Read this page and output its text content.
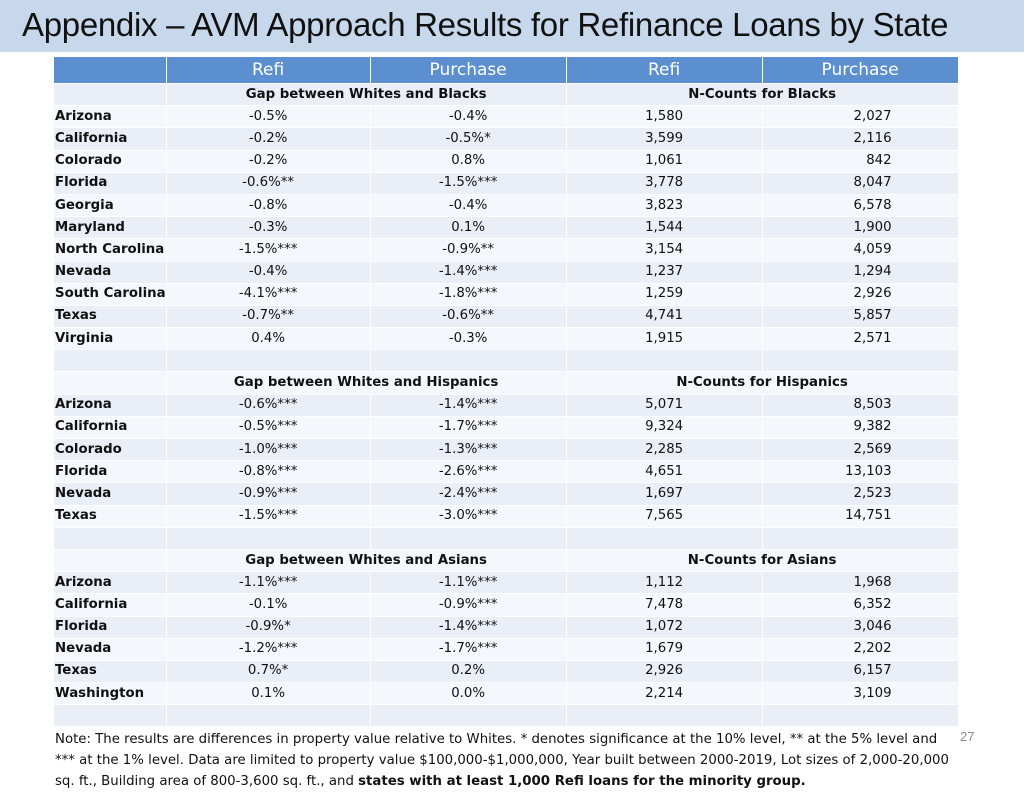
Appendix – AVM Approach Results for Refinance Loans by State
	Refi	Purchase	Refi	Purchase
	Gap between Whites and Blacks		N-Counts for Blacks	
Arizona	-0.5%	-0.4%	1,580	2,027
California	-0.2%	-0.5%*	3,599	2,116
Colorado	-0.2%	0.8%	1,061	842
Florida	-0.6%**	-1.5%***	3,778	8,047
Georgia	-0.8%	-0.4%	3,823	6,578
Maryland	-0.3%	0.1%	1,544	1,900
North Carolina	-1.5%***	-0.9%**	3,154	4,059
Nevada	-0.4%	-1.4%***	1,237	1,294
South Carolina	-4.1%***	-1.8%***	1,259	2,926
Texas	-0.7%**	-0.6%**	4,741	5,857
Virginia	0.4%	-0.3%	1,915	2,571

	Gap between Whites and Hispanics		N-Counts for Hispanics	
Arizona	-0.6%***	-1.4%***	5,071	8,503
California	-0.5%***	-1.7%***	9,324	9,382
Colorado	-1.0%***	-1.3%***	2,285	2,569
Florida	-0.8%***	-2.6%***	4,651	13,103
Nevada	-0.9%***	-2.4%***	1,697	2,523
Texas	-1.5%***	-3.0%***	7,565	14,751

	Gap between Whites and Asians		N-Counts for Asians	
Arizona	-1.1%***	-1.1%***	1,112	1,968
California	-0.1%	-0.9%***	7,478	6,352
Florida	-0.9%*	-1.4%***	1,072	3,046
Nevada	-1.2%***	-1.7%***	1,679	2,202
Texas	0.7%*	0.2%	2,926	6,157
Washington	0.1%	0.0%	2,214	3,109

Note: The results are differences in property value relative to Whites. * denotes significance at the 10% level, ** at the 5% level and *** at the 1% level. Data are limited to property value $100,000-$1,000,000, Year built between 2000-2019, Lot sizes of 2,000-20,000 sq. ft., Building area of 800-3,600 sq. ft., and states with at least 1,000 Refi loans for the minority group.				
27
